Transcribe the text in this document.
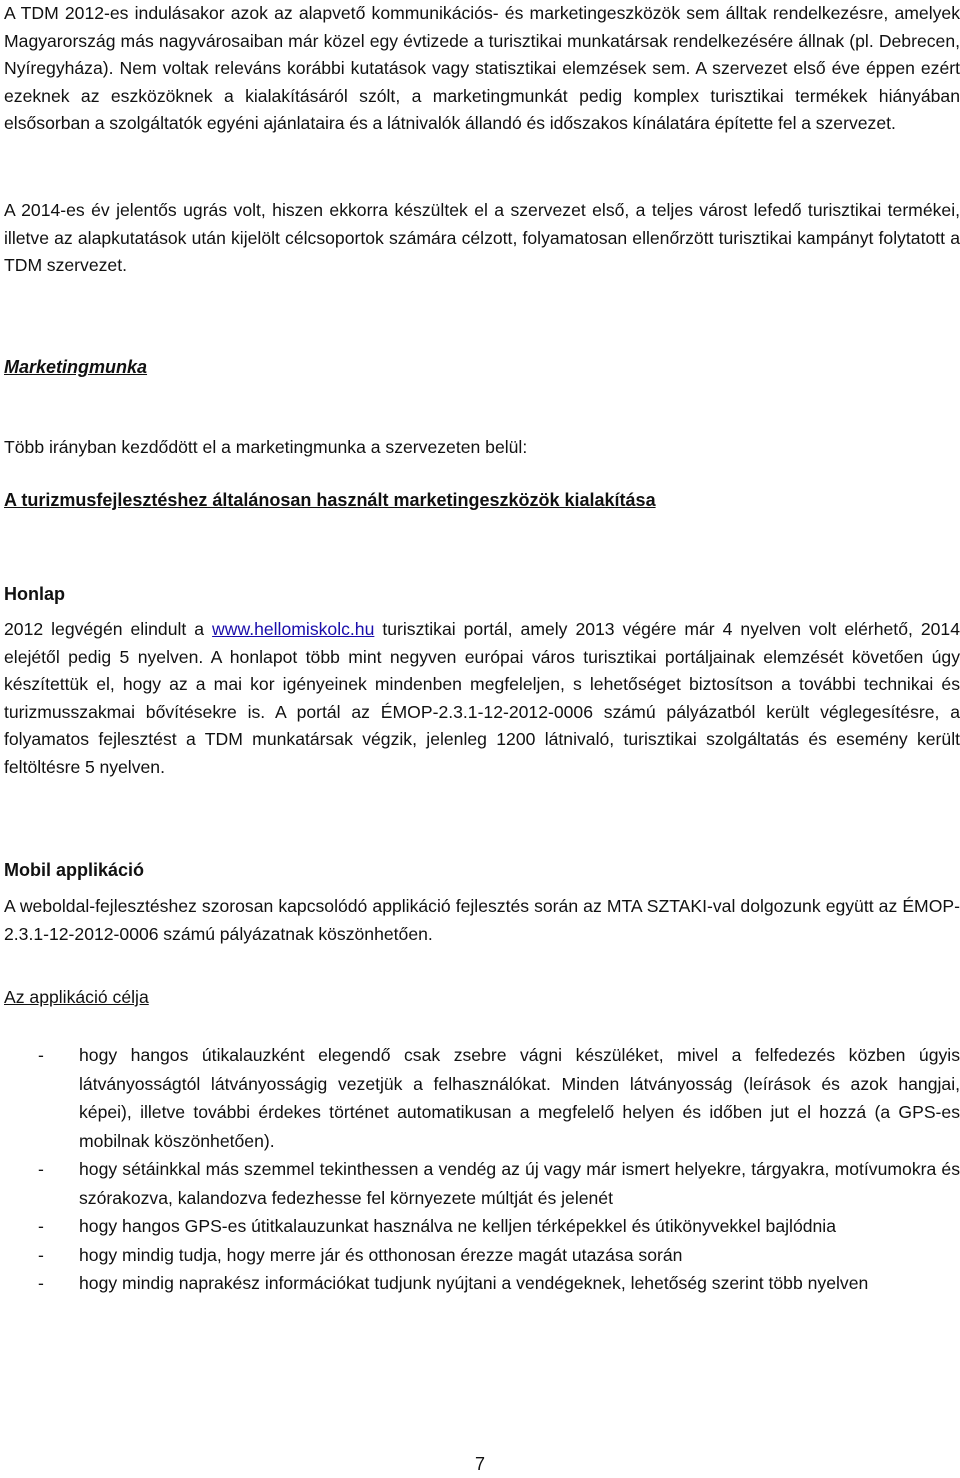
A TDM 2012-es indulásakor azok az alapvető kommunikációs- és marketingeszközök sem álltak rendelkezésre, amelyek Magyarország más nagyvárosaiban már közel egy évtizede a turisztikai munkatársak rendelkezésére állnak (pl. Debrecen, Nyíregyháza). Nem voltak releváns korábbi kutatások vagy statisztikai elemzések sem. A szervezet első éve éppen ezért ezeknek az eszközöknek a kialakításáról szólt, a marketingmunkát pedig komplex turisztikai termékek hiányában elsősorban a szolgáltatók egyéni ajánlataira és a látnivalók állandó és időszakos kínálatára építette fel a szervezet.

A 2014-es év jelentős ugrás volt, hiszen ekkorra készültek el a szervezet első, a teljes várost lefedő turisztikai termékei, illetve az alapkutatások után kijelölt célcsoportok számára célzott, folyamatosan ellenőrzött turisztikai kampányt folytatott a TDM szervezet.

Marketingmunka

Több irányban kezdődött el a marketingmunka a szervezeten belül:

A turizmusfejlesztéshez általánosan használt marketingeszközök kialakítása

Honlap

2012 legvégén elindult a www.hellomiskolc.hu turisztikai portál, amely 2013 végére már 4 nyelven volt elérhető, 2014 elejétől pedig 5 nyelven. A honlapot több mint negyven európai város turisztikai portáljainak elemzését követően úgy készítettük el, hogy az a mai kor igényeinek mindenben megfeleljen, s lehetőséget biztosítson a további technikai és turizmusszakmai bővítésekre is. A portál az ÉMOP-2.3.1-12-2012-0006 számú pályázatból került véglegesítésre, a folyamatos fejlesztést a TDM munkatársak végzik, jelenleg 1200 látnivaló, turisztikai szolgáltatás és esemény került feltöltésre 5 nyelven.

Mobil applikáció

A weboldal-fejlesztéshez szorosan kapcsolódó applikáció fejlesztés során az MTA SZTAKI-val dolgozunk együtt az ÉMOP-2.3.1-12-2012-0006 számú pályázatnak köszönhetően.

Az applikáció célja

- hogy hangos útikalauzként elegendő csak zsebre vágni készüléket, mivel a felfedezés közben úgyis látványosságtól látványosságig vezetjük a felhasználókat. Minden látványosság (leírások és azok hangjai, képei), illetve további érdekes történet automatikusan a megfelelő helyen és időben jut el hozzá (a GPS-es mobilnak köszönhetően).
- hogy sétáinkkal más szemmel tekinthessen a vendég az új vagy már ismert helyekre, tárgyakra, motívumokra és szórakozva, kalandozva fedezhesse fel környezete múltját és jelenét
- hogy hangos GPS-es útitkalauzunkat használva ne kelljen térképekkel és útikönyvekkel bajlódnia
- hogy mindig tudja, hogy merre jár és otthonosan érezze magát utazása során
- hogy mindig naprakész információkat tudjunk nyújtani a vendégeknek, lehetőség szerint több nyelven
7
